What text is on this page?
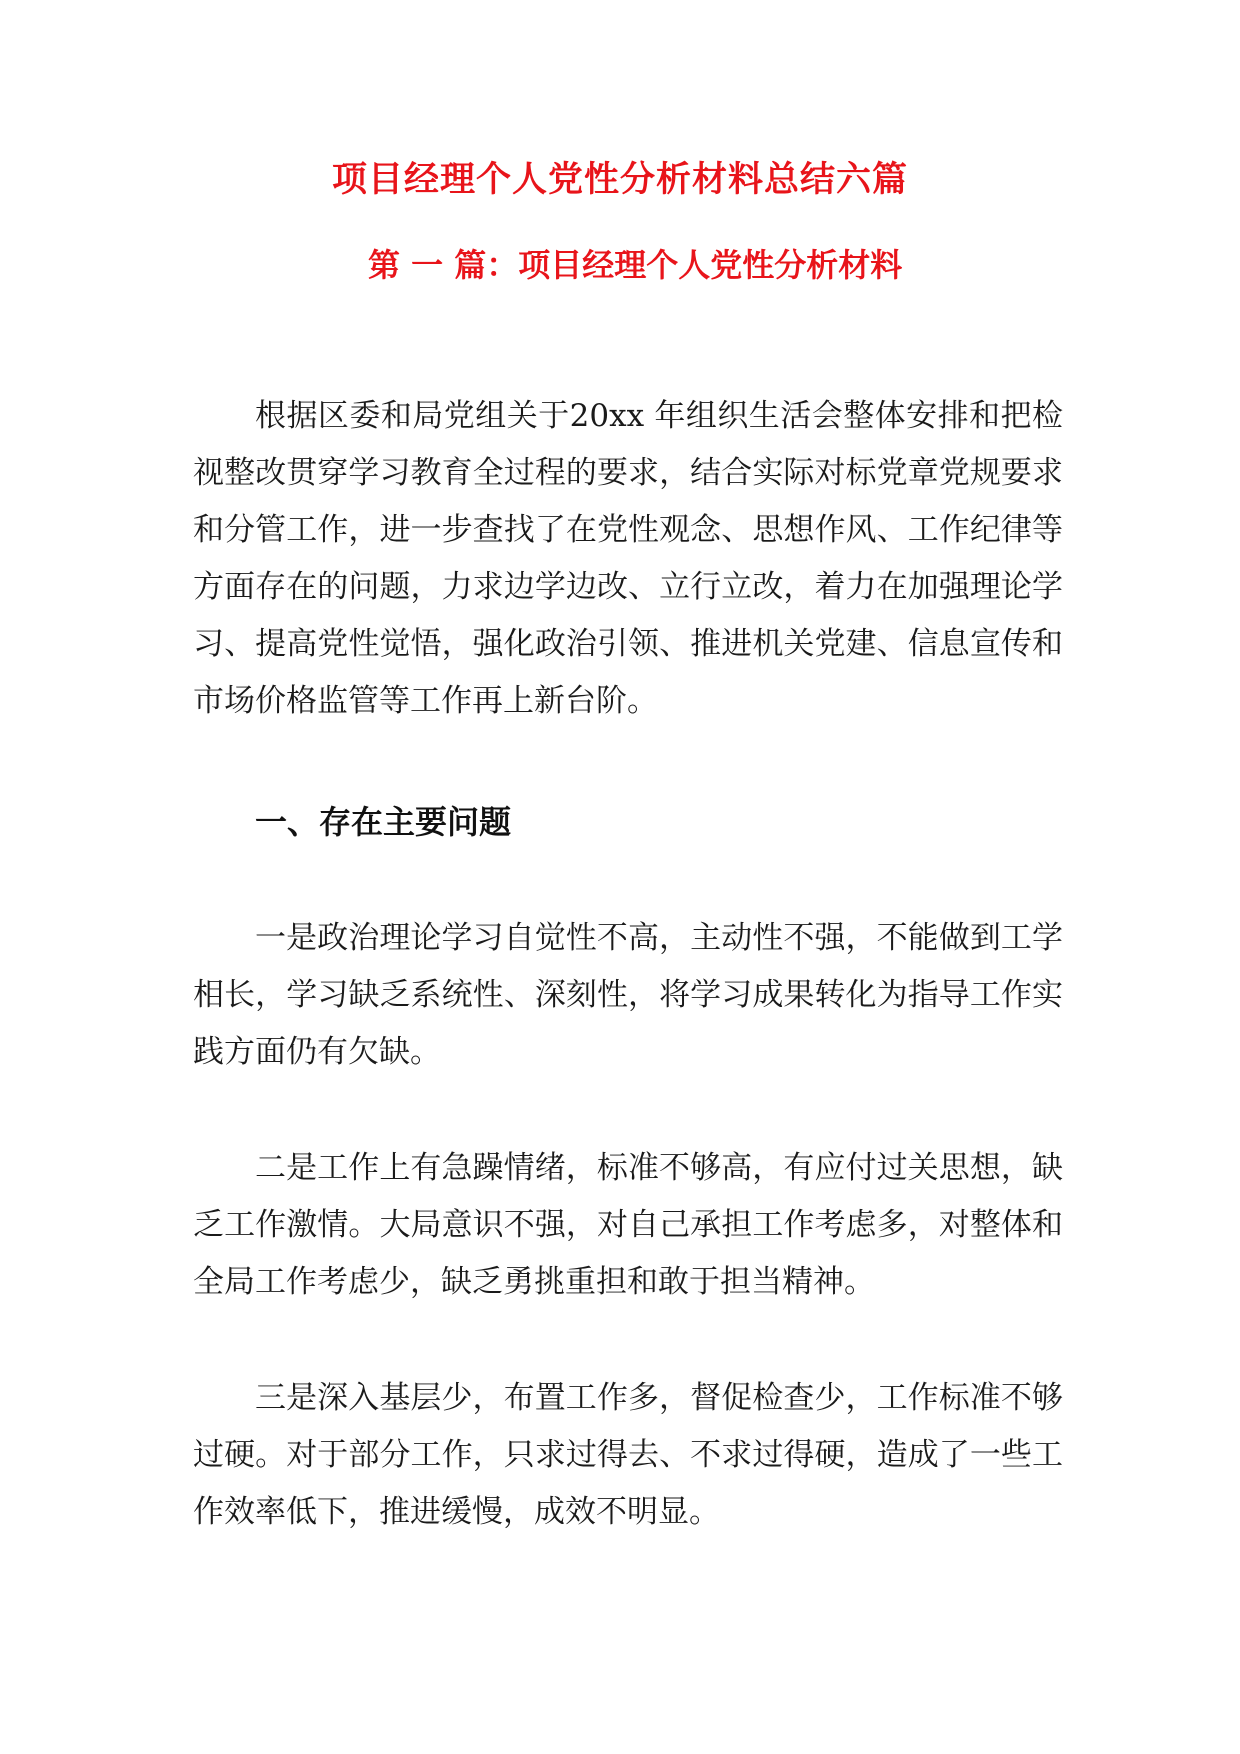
项目经理个人党性分析材料总结六篇
第 一 篇：项目经理个人党性分析材料

根据区委和局党组关于20xx 年组织生活会整体安排和把检视整改贯穿学习教育全过程的要求，结合实际对标党章党规要求和分管工作，进一步查找了在党性观念、思想作风、工作纪律等方面存在的问题，力求边学边改、立行立改，着力在加强理论学习、提高党性觉悟，强化政治引领、推进机关党建、信息宣传和市场价格监管等工作再上新台阶。

一、存在主要问题

一是政治理论学习自觉性不高，主动性不强，不能做到工学相长，学习缺乏系统性、深刻性，将学习成果转化为指导工作实践方面仍有欠缺。

二是工作上有急躁情绪，标准不够高，有应付过关思想，缺乏工作激情。大局意识不强，对自己承担工作考虑多，对整体和全局工作考虑少，缺乏勇挑重担和敢于担当精神。

三是深入基层少，布置工作多，督促检查少，工作标准不够过硬。对于部分工作，只求过得去、不求过得硬，造成了一些工作效率低下，推进缓慢，成效不明显。
